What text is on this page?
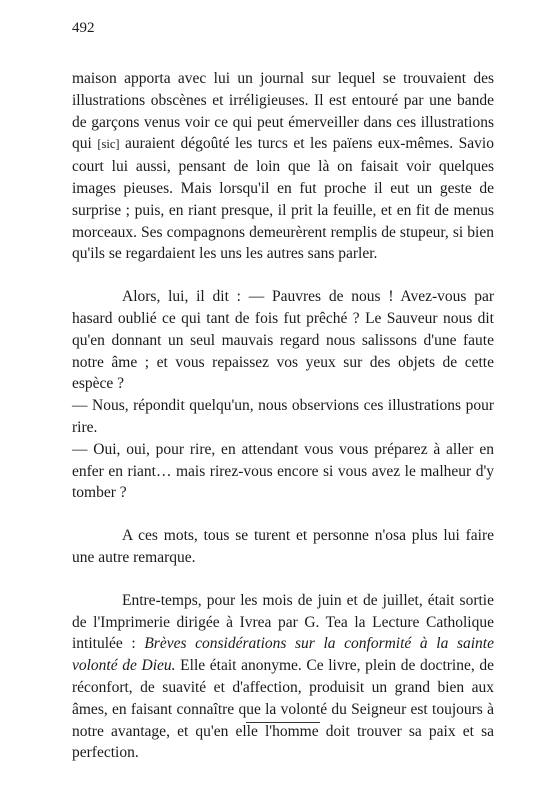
492

maison apporta avec lui un journal sur lequel se trouvaient des illustrations obscènes et irréligieuses. Il est entouré par une bande de garçons venus voir ce qui peut émerveiller dans ces illustrations qui [sic] auraient dégoûté les turcs et les païens eux-mêmes. Savio court lui aussi, pensant de loin que là on faisait voir quelques images pieuses. Mais lorsqu'il en fut proche il eut un geste de surprise ; puis, en riant presque, il prit la feuille, et en fit de menus morceaux. Ses compagnons demeurèrent remplis de stupeur, si bien qu'ils se regardaient les uns les autres sans parler.

Alors, lui, il dit : — Pauvres de nous ! Avez-vous par hasard oublié ce qui tant de fois fut prêché ? Le Sauveur nous dit qu'en donnant un seul mauvais regard nous salissons d'une faute notre âme ; et vous repaissez vos yeux sur des objets de cette espèce ?

— Nous, répondit quelqu'un, nous observions ces illustrations pour rire.

— Oui, oui, pour rire, en attendant vous vous préparez à aller en enfer en riant… mais rirez-vous encore si vous avez le malheur d'y tomber ?

A ces mots, tous se turent et personne n'osa plus lui faire une autre remarque.

Entre-temps, pour les mois de juin et de juillet, était sortie de l'Imprimerie dirigée à Ivrea par G. Tea la Lecture Catholique intitulée : Brèves considérations sur la conformité à la sainte volonté de Dieu. Elle était anonyme. Ce livre, plein de doctrine, de réconfort, de suavité et d'affection, produisit un grand bien aux âmes, en faisant connaître que la volonté du Seigneur est toujours à notre avantage, et qu'en elle l'homme doit trouver sa paix et sa perfection.
